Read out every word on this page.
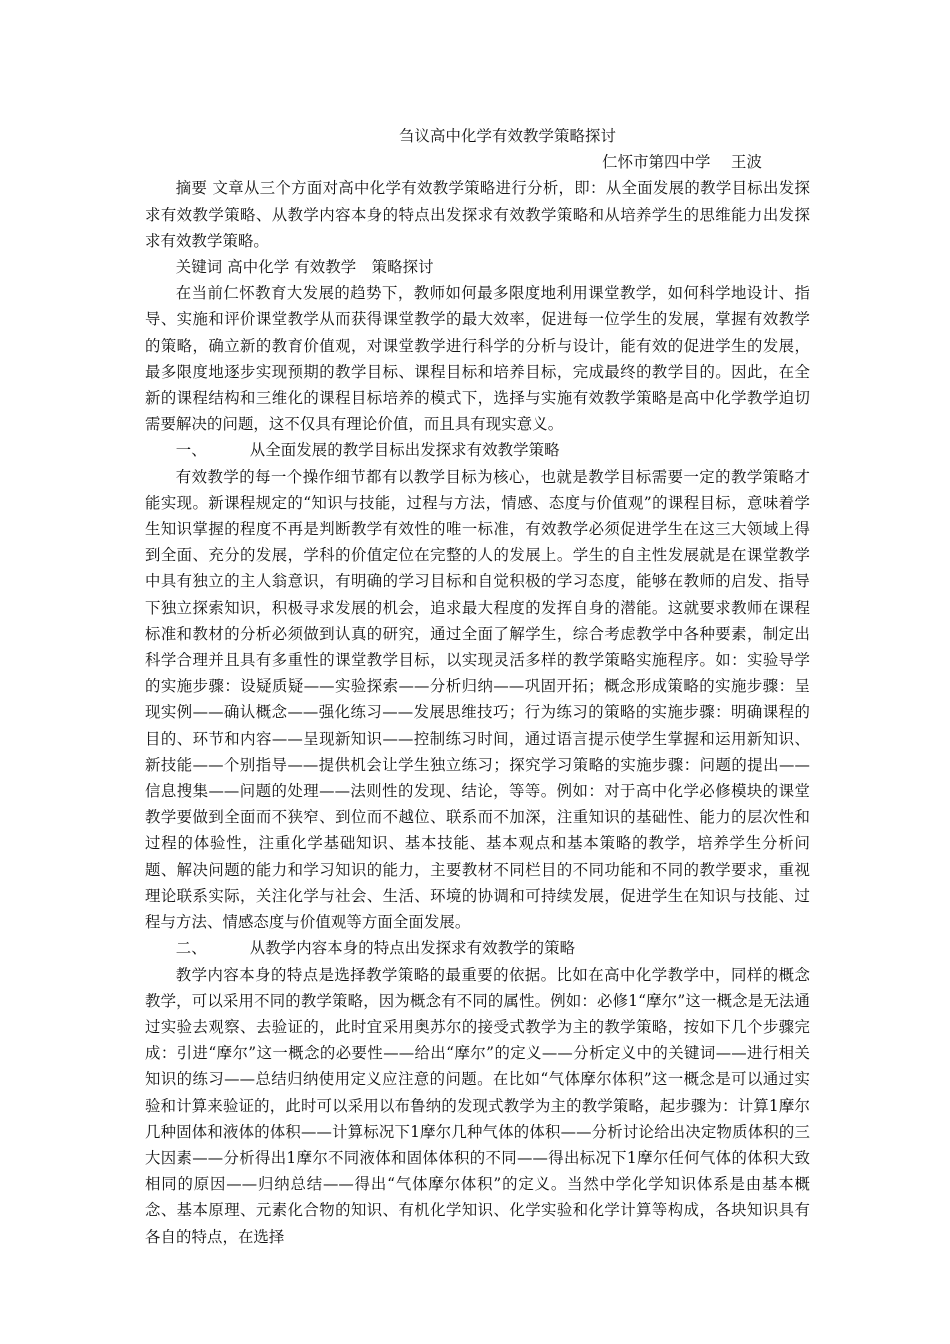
刍议高中化学有效教学策略探讨
仁怀市第四中学　 王波

摘要 文章从三个方面对高中化学有效教学策略进行分析，即：从全面发展的教学目标出发探求有效教学策略、从教学内容本身的特点出发探求有效教学策略和从培养学生的思维能力出发探求有效教学策略。

关键词 高中化学 有效教学　策略探讨

在当前仁怀教育大发展的趋势下，教师如何最多限度地利用课堂教学，如何科学地设计、指导、实施和评价课堂教学从而获得课堂教学的最大效率，促进每一位学生的发展，掌握有效教学的策略，确立新的教育价值观，对课堂教学进行科学的分析与设计，能有效的促进学生的发展，最多限度地逐步实现预期的教学目标、课程目标和培养目标，完成最终的教学目的。因此，在全新的课程结构和三维化的课程目标培养的模式下，选择与实施有效教学策略是高中化学教学迫切需要解决的问题，这不仅具有理论价值，而且具有现实意义。

一、	从全面发展的教学目标出发探求有效教学策略

有效教学的每一个操作细节都有以教学目标为核心，也就是教学目标需要一定的教学策略才能实现。新课程规定的“知识与技能，过程与方法，情感、态度与价值观”的课程目标，意味着学生知识掌握的程度不再是判断教学有效性的唯一标准，有效教学必须促进学生在这三大领域上得到全面、充分的发展，学科的价值定位在完整的人的发展上。学生的自主性发展就是在课堂教学中具有独立的主人翁意识，有明确的学习目标和自觉积极的学习态度，能够在教师的启发、指导下独立探索知识，积极寻求发展的机会，追求最大程度的发挥自身的潜能。这就要求教师在课程标准和教材的分析必须做到认真的研究，通过全面了解学生，综合考虑教学中各种要素，制定出科学合理并且具有多重性的课堂教学目标，以实现灵活多样的教学策略实施程序。如：实验导学的实施步骤：设疑质疑——实验探索——分析归纳——巩固开拓；概念形成策略的实施步骤：呈现实例——确认概念——强化练习——发展思维技巧；行为练习的策略的实施步骤：明确课程的目的、环节和内容——呈现新知识——控制练习时间，通过语言提示使学生掌握和运用新知识、新技能——个别指导——提供机会让学生独立练习；探究学习策略的实施步骤：问题的提出——信息搜集——问题的处理——法则性的发现、结论，等等。例如：对于高中化学必修模块的课堂教学要做到全面而不狭窄、到位而不越位、联系而不加深，注重知识的基础性、能力的层次性和过程的体验性，注重化学基础知识、基本技能、基本观点和基本策略的教学，培养学生分析问题、解决问题的能力和学习知识的能力，主要教材不同栏目的不同功能和不同的教学要求，重视理论联系实际，关注化学与社会、生活、环境的协调和可持续发展，促进学生在知识与技能、过程与方法、情感态度与价值观等方面全面发展。

二、	从教学内容本身的特点出发探求有效教学的策略

教学内容本身的特点是选择教学策略的最重要的依据。比如在高中化学教学中，同样的概念教学，可以采用不同的教学策略，因为概念有不同的属性。例如：必修1“摩尔”这一概念是无法通过实验去观察、去验证的，此时宜采用奥苏尔的接受式教学为主的教学策略，按如下几个步骤完成：引进“摩尔”这一概念的必要性——给出“摩尔”的定义——分析定义中的关键词——进行相关知识的练习——总结归纳使用定义应注意的问题。在比如“气体摩尔体积”这一概念是可以通过实验和计算来验证的，此时可以采用以布鲁纳的发现式教学为主的教学策略，起步骤为：计算1摩尔几种固体和液体的体积——计算标况下1摩尔几种气体的体积——分析讨论给出决定物质体积的三大因素——分析得出1摩尔不同液体和固体体积的不同——得出标况下1摩尔任何气体的体积大致相同的原因——归纳总结——得出“气体摩尔体积”的定义。当然中学化学知识体系是由基本概念、基本原理、元素化合物的知识、有机化学知识、化学实验和化学计算等构成，各块知识具有各自的特点，在选择
